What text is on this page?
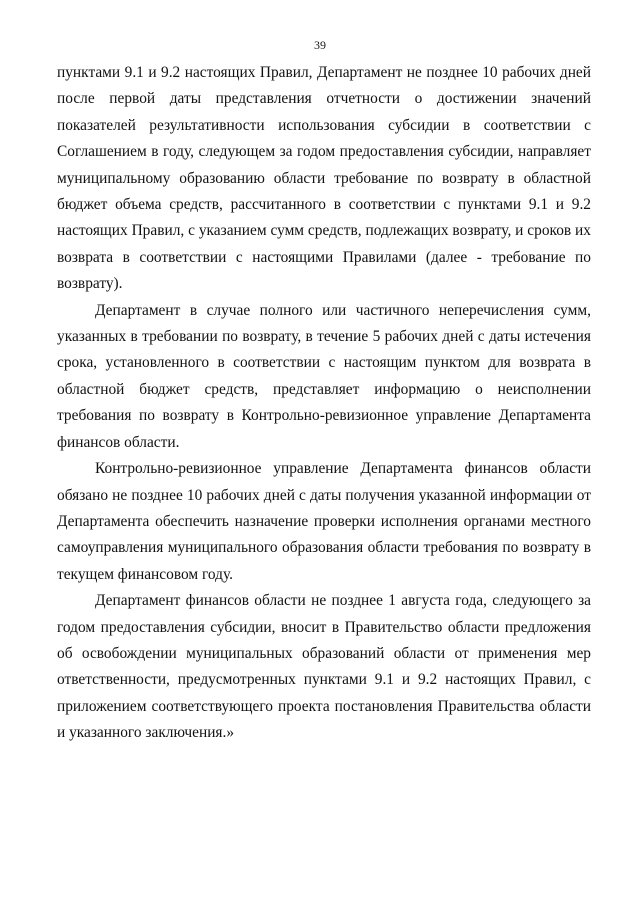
39

пунктами 9.1 и 9.2 настоящих Правил, Департамент не позднее 10 рабочих дней после первой даты представления отчетности о достижении значений показателей результативности использования субсидии в соответствии с Соглашением в году, следующем за годом предоставления субсидии, направляет муниципальному образованию области требование по возврату в областной бюджет объема средств, рассчитанного в соответствии с пунктами 9.1 и 9.2 настоящих Правил, с указанием сумм средств, подлежащих возврату, и сроков их возврата в соответствии с настоящими Правилами (далее - требование по возврату).

Департамент в случае полного или частичного неперечисления сумм, указанных в требовании по возврату, в течение 5 рабочих дней с даты истечения срока, установленного в соответствии с настоящим пунктом для возврата в областной бюджет средств, представляет информацию о неисполнении требования по возврату в Контрольно-ревизионное управление Департамента финансов области.

Контрольно-ревизионное управление Департамента финансов области обязано не позднее 10 рабочих дней с даты получения указанной информации от Департамента обеспечить назначение проверки исполнения органами местного самоуправления муниципального образования области требования по возврату в текущем финансовом году.

Департамент финансов области не позднее 1 августа года, следующего за годом предоставления субсидии, вносит в Правительство области предложения об освобождении муниципальных образований области от применения мер ответственности, предусмотренных пунктами 9.1 и 9.2 настоящих Правил, с приложением соответствующего проекта постановления Правительства области и указанного заключения.»
